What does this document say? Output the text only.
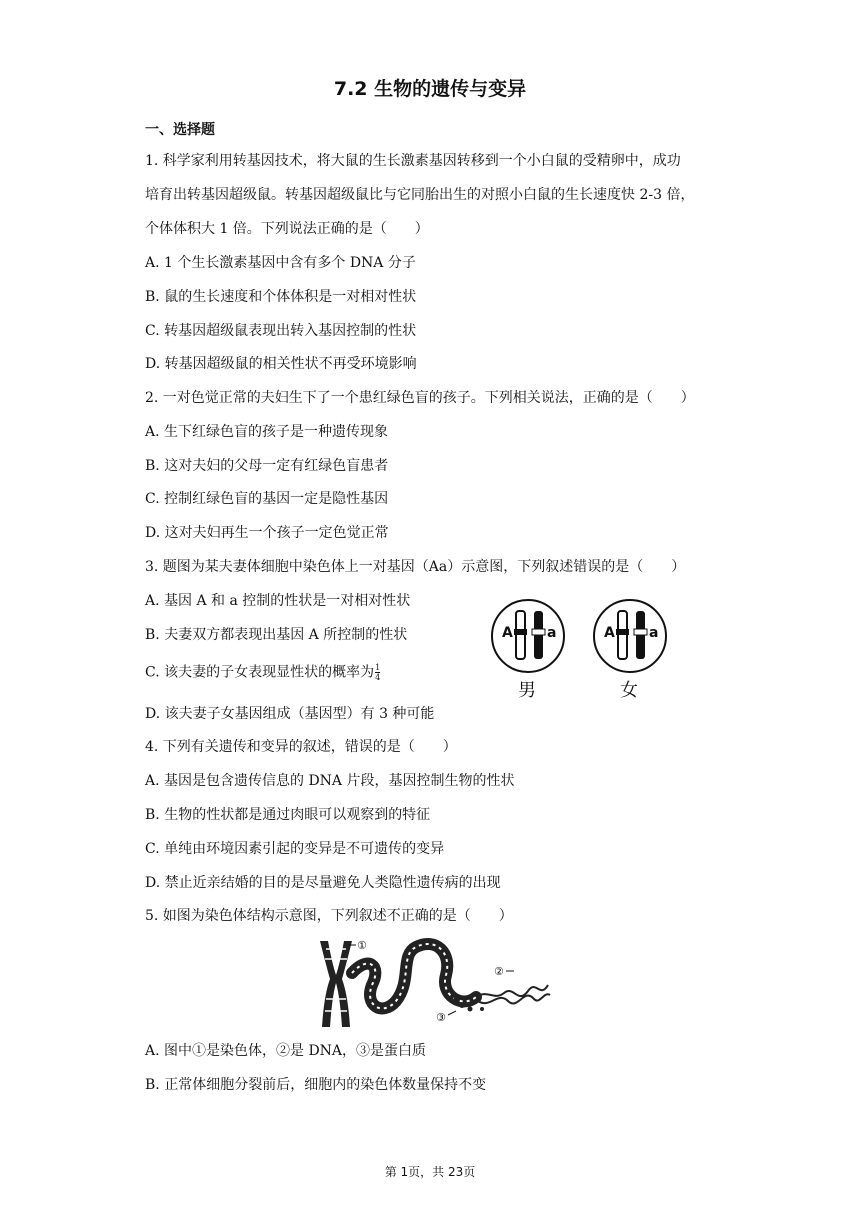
7.2 生物的遗传与变异
一、选择题
1. 科学家利用转基因技术，将大鼠的生长激素基因转移到一个小白鼠的受精卵中，成功
培育出转基因超级鼠。转基因超级鼠比与它同胎出生的对照小白鼠的生长速度快 2-3 倍，
个体体积大 1 倍。下列说法正确的是（　　）
A. 1 个生长激素基因中含有多个 DNA 分子
B. 鼠的生长速度和个体体积是一对相对性状
C. 转基因超级鼠表现出转入基因控制的性状
D. 转基因超级鼠的相关性状不再受环境影响
2. 一对色觉正常的夫妇生下了一个患红绿色盲的孩子。下列相关说法，正确的是（　　）
A. 生下红绿色盲的孩子是一种遗传现象
B. 这对夫妇的父母一定有红绿色盲患者
C. 控制红绿色盲的基因一定是隐性基因
D. 这对夫妇再生一个孩子一定色觉正常
3. 题图为某夫妻体细胞中染色体上一对基因（Aa）示意图，下列叙述错误的是（　　）
A. 基因 A 和 a 控制的性状是一对相对性状
B. 夫妻双方都表现出基因 A 所控制的性状
C. 该夫妻的子女表现显性状的概率为 $\frac{1}{4}$
D. 该夫妻子女基因组成（基因型）有 3 种可能
A a
男
A a
女
4. 下列有关遗传和变异的叙述，错误的是（　　）
A. 基因是包含遗传信息的 DNA 片段，基因控制生物的性状
B. 生物的性状都是通过肉眼可以观察到的特征
C. 单纯由环境因素引起的变异是不可遗传的变异
D. 禁止近亲结婚的目的是尽量避免人类隐性遗传病的出现
5. 如图为染色体结构示意图，下列叙述不正确的是（　　）
①
②
③
A. 图中①是染色体，②是 DNA，③是蛋白质
B. 正常体细胞分裂前后，细胞内的染色体数量保持不变
第 1页，共 23页
